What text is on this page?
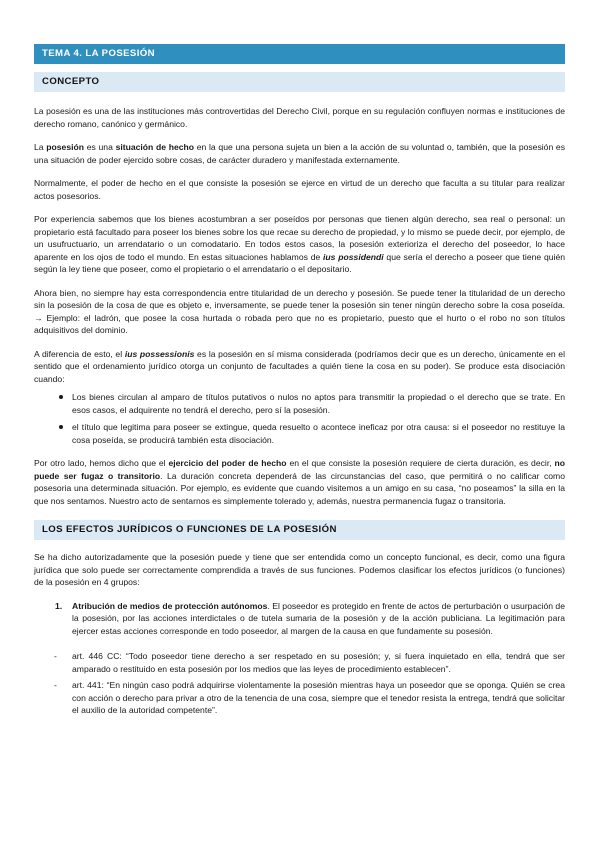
TEMA 4. LA POSESIÓN
CONCEPTO

La posesión es una de las instituciones más controvertidas del Derecho Civil, porque en su regulación confluyen normas e instituciones de derecho romano, canónico y germánico.

La posesión es una situación de hecho en la que una persona sujeta un bien a la acción de su voluntad o, también, que la posesión es una situación de poder ejercido sobre cosas, de carácter duradero y manifestada externamente.

Normalmente, el poder de hecho en el que consiste la posesión se ejerce en virtud de un derecho que faculta a su titular para realizar actos posesorios.

Por experiencia sabemos que los bienes acostumbran a ser poseídos por personas que tienen algún derecho, sea real o personal: un propietario está facultado para poseer los bienes sobre los que recae su derecho de propiedad, y lo mismo se puede decir, por ejemplo, de un usufructuario, un arrendatario o un comodatario. En todos estos casos, la posesión exterioriza el derecho del poseedor, lo hace aparente en los ojos de todo el mundo. En estas situaciones hablamos de ius possidendi que sería el derecho a poseer que tiene quién según la ley tiene que poseer, como el propietario o el arrendatario o el depositario.

Ahora bien, no siempre hay esta correspondencia entre titularidad de un derecho y posesión. Se puede tener la titularidad de un derecho sin la posesión de la cosa de que es objeto e, inversamente, se puede tener la posesión sin tener ningún derecho sobre la cosa poseída. → Ejemplo: el ladrón, que posee la cosa hurtada o robada pero que no es propietario, puesto que el hurto o el robo no son títulos adquisitivos del dominio.

A diferencia de esto, el ius possessionis es la posesión en sí misma considerada (podríamos decir que es un derecho, únicamente en el sentido que el ordenamiento jurídico otorga un conjunto de facultades a quién tiene la cosa en su poder). Se produce esta disociación cuando:

Los bienes circulan al amparo de títulos putativos o nulos no aptos para transmitir la propiedad o el derecho que se trate. En esos casos, el adquirente no tendrá el derecho, pero sí la posesión.
el título que legitima para poseer se extingue, queda resuelto o acontece ineficaz por otra causa: si el poseedor no restituye la cosa poseída, se producirá también esta disociación.

Por otro lado, hemos dicho que el ejercicio del poder de hecho en el que consiste la posesión requiere de cierta duración, es decir, no puede ser fugaz o transitorio. La duración concreta dependerá de las circunstancias del caso, que permitirá o no calificar como posesoria una determinada situación. Por ejemplo, es evidente que cuando visitemos a un amigo en su casa, “no poseamos” la silla en la que nos sentamos. Nuestro acto de sentarnos es simplemente tolerado y, además, nuestra permanencia fugaz o transitoria.

LOS EFECTOS JURÍDICOS O FUNCIONES DE LA POSESIÓN

Se ha dicho autorizadamente que la posesión puede y tiene que ser entendida como un concepto funcional, es decir, como una figura jurídica que solo puede ser correctamente comprendida a través de sus funciones. Podemos clasificar los efectos jurídicos (o funciones) de la posesión en 4 grupos:

1. Atribución de medios de protección autónomos. El poseedor es protegido en frente de actos de perturbación o usurpación de la posesión, por las acciones interdictales o de tutela sumaria de la posesión y de la acción publiciana. La legitimación para ejercer estas acciones corresponde en todo poseedor, al margen de la causa en que fundamente su posesión.
- art. 446 CC: “Todo poseedor tiene derecho a ser respetado en su posesión; y, si fuera inquietado en ella, tendrá que ser amparado o restituido en esta posesión por los medios que las leyes de procedimiento establecen”.
- art. 441: “En ningún caso podrá adquirirse violentamente la posesión mientras haya un poseedor que se oponga. Quién se crea con acción o derecho para privar a otro de la tenencia de una cosa, siempre que el tenedor resista la entrega, tendrá que solicitar el auxilio de la autoridad competente”.
